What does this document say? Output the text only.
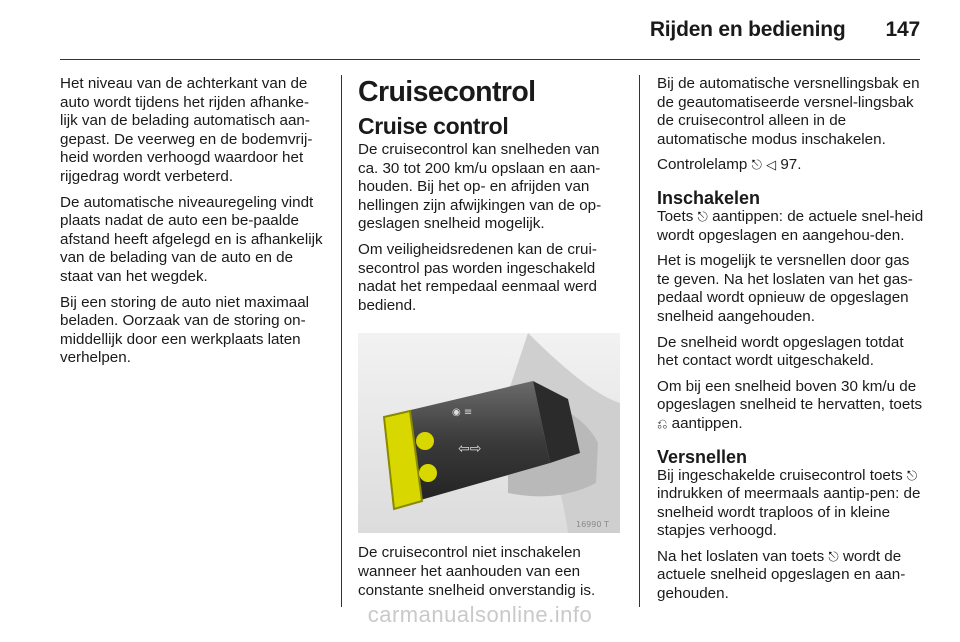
Rijden en bediening 147

Het niveau van de achterkant van de auto wordt tijdens het rijden afhanke-lijk van de belading automatisch aan-gepast. De veerweg en de bodemvrij-heid worden verhoogd waardoor het rijgedrag wordt verbeterd.

De automatische niveauregeling vindt plaats nadat de auto een be-paalde afstand heeft afgelegd en is afhankelijk van de belading van de auto en de staat van het wegdek.

Bij een storing de auto niet maximaal beladen. Oorzaak van de storing on-middellijk door een werkplaats laten verhelpen.

Cruisecontrol
Cruise control

De cruisecontrol kan snelheden van ca. 30 tot 200 km/u opslaan en aan-houden. Bij het op- en afrijden van hellingen zijn afwijkingen van de op-geslagen snelheid mogelijk.

Om veiligheidsredenen kan de crui-secontrol pas worden ingeschakeld nadat het rempedaal eenmaal werd bediend.

⇦⇨
◉ ≡
16990 T

De cruisecontrol niet inschakelen wanneer het aanhouden van een constante snelheid onverstandig is.

Bij de automatische versnellingsbak en de geautomatiseerde versnel-lingsbak de cruisecontrol alleen in de automatische modus inschakelen.

Controlelamp ⎋ ◁ 97.

Inschakelen

Toets ⎋ aantippen: de actuele snel-heid wordt opgeslagen en aangehou-den.

Het is mogelijk te versnellen door gas te geven. Na het loslaten van het gas-pedaal wordt opnieuw de opgeslagen snelheid aangehouden.

De snelheid wordt opgeslagen totdat het contact wordt uitgeschakeld.

Om bij een snelheid boven 30 km/u de opgeslagen snelheid te hervatten, toets ⎌ aantippen.

Versnellen

Bij ingeschakelde cruisecontrol toets ⎋ indrukken of meermaals aantip-pen: de snelheid wordt traploos of in kleine stapjes verhoogd.

Na het loslaten van toets ⎋ wordt de actuele snelheid opgeslagen en aan-gehouden.

carmanualsonline.info
